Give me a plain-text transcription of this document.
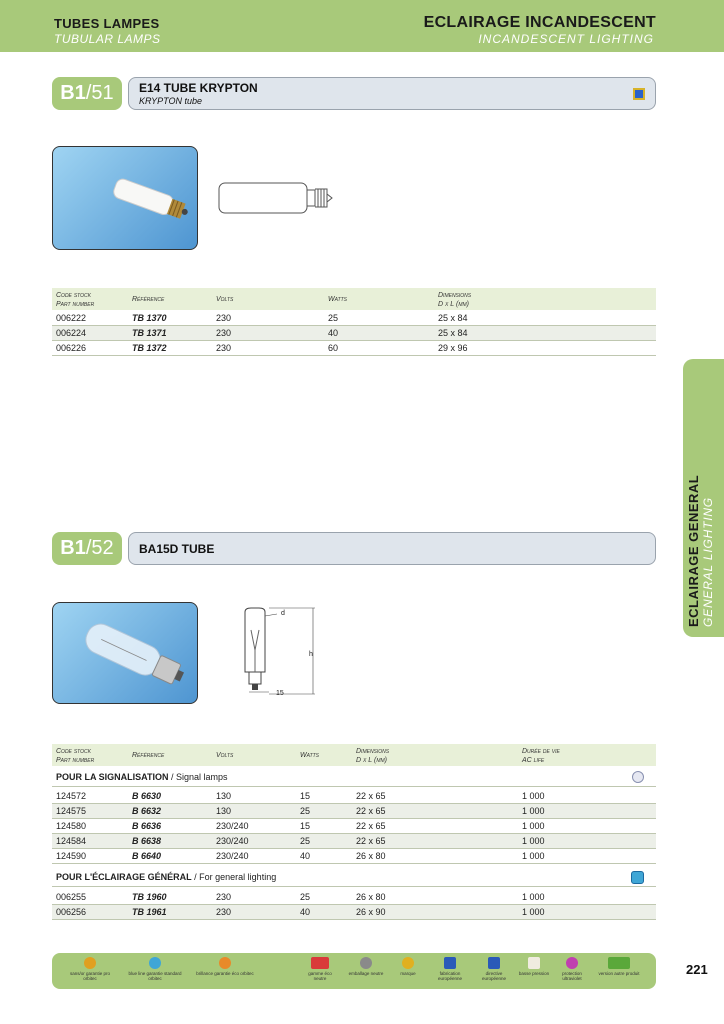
TUBES LAMPES
TUBULAR LAMPS
ECLAIRAGE INCANDESCENT
INCANDESCENT LIGHTING
ECLAIRAGE GENERAL GENERAL LIGHTING
B1 /51 E14 TUBE KRYPTON
KRYPTON tube
Code stock
Part number
Référence	Volts	Watts
Dimensions
D x L (mm)
006222	TB 1370	230	25	25 x 84
006224	TB 1371	230	40	25 x 84
006226	TB 1372	230	60	29 x 96
B1 /52 BA15D TUBE
d
h
15
Code stock
Part number
Référence	Volts	Watts
Dimensions
D x L (mm)
Durée de vie
AC life
POUR LA SIGNALISATION / Signal lamps
124572	B 6630	130	15	22 x 65	1 000
124575	B 6632	130	25	22 x 65	1 000
124580	B 6636	230/240	15	22 x 65	1 000
124584	B 6638	230/240	25	22 x 65	1 000
124590	B 6640	230/240	40	26 x 80	1 000
POUR L'ÉCLAIRAGE GÉNÉRAL / For general lighting
006255	TB 1960	230	25	26 x 80	1 000
006256	TB 1961	230	40	26 x 90	1 000
sans/or garantie pro orbitec
blue line garantie standard orbitec
brillance garantie éco orbitec	gamme éco neutre
emballage neutre	marque	fabrication européenne
directive européenne
basse pression	protection ultraviolet
version autre produit	221
